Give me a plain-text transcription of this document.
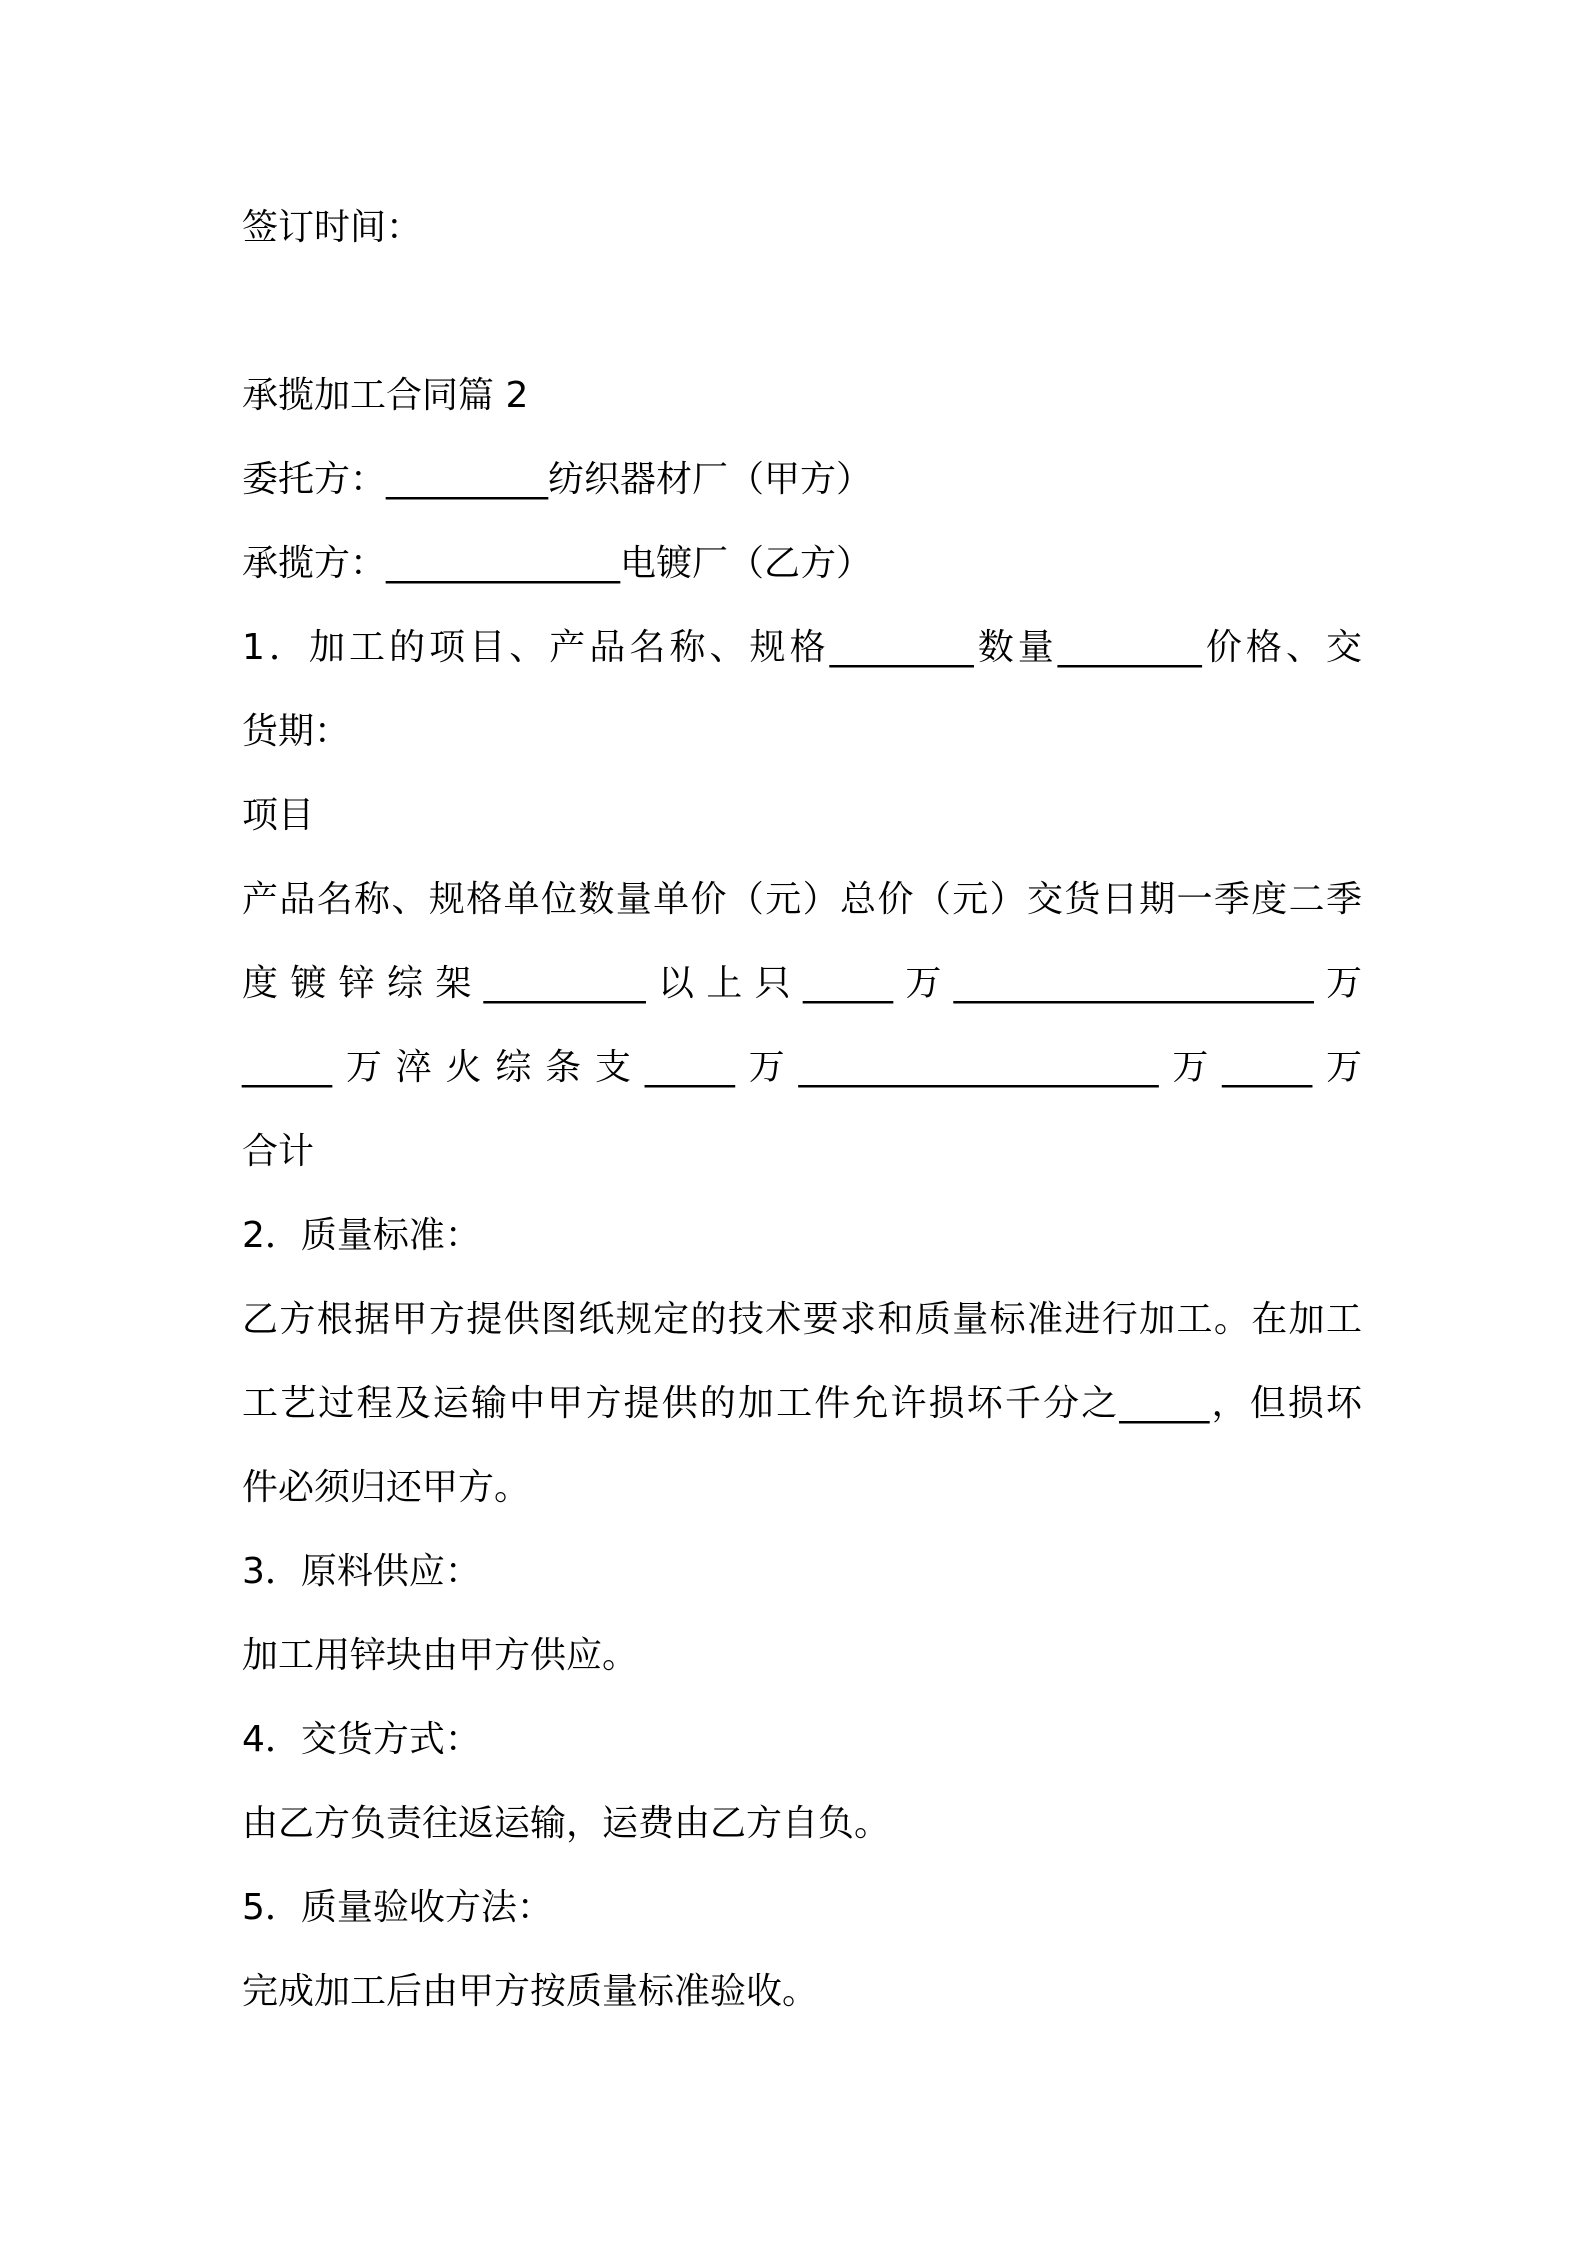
签订时间：
承揽加工合同篇 2
委托方：_________纺织器材厂（甲方）
承揽方：_____________电镀厂（乙方）
1．加工的项目、产品名称、规格________数量________价格、交
货期：
项目
产品名称、规格单位数量单价（元）总价（元）交货日期一季度二季
度镀锌综架_________以上只_____万____________________万
_____万淬火综条支_____万____________________万_____万
合计
2．质量标准：
乙方根据甲方提供图纸规定的技术要求和质量标准进行加工。在加工
工艺过程及运输中甲方提供的加工件允许损坏千分之_____，但损坏
件必须归还甲方。
3．原料供应：
加工用锌块由甲方供应。
4．交货方式：
由乙方负责往返运输，运费由乙方自负。
5．质量验收方法：
完成加工后由甲方按质量标准验收。
